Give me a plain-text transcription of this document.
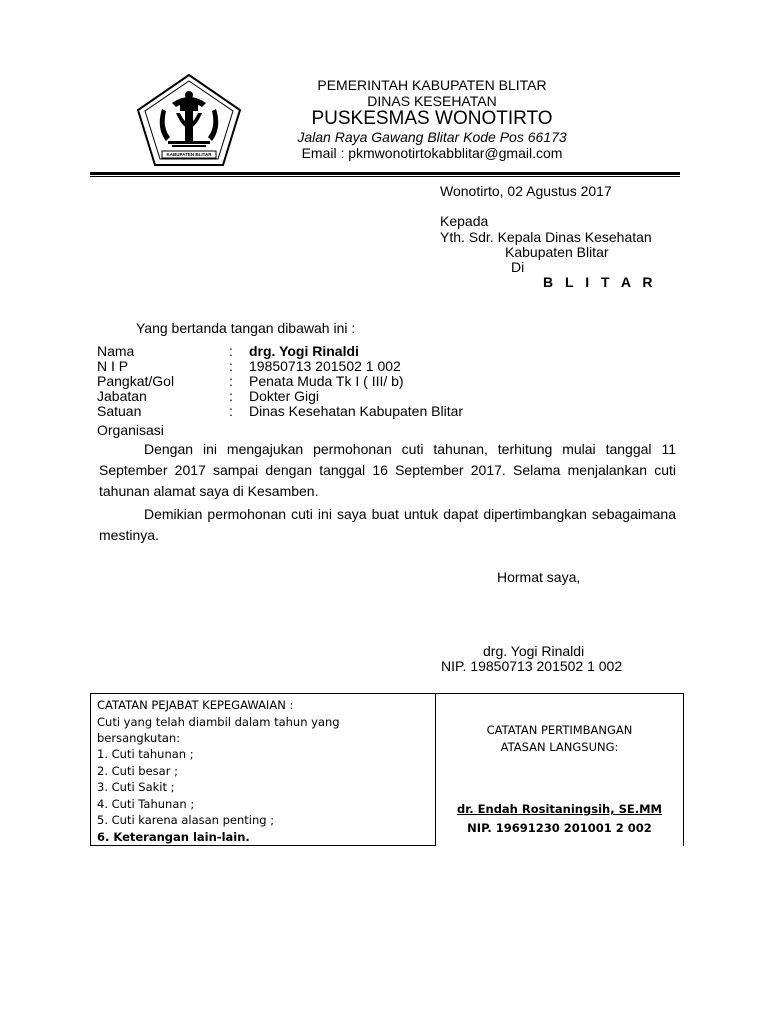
KABUPATEN BLITAR
PEMERINTAH KABUPATEN BLITAR
DINAS KESEHATAN
PUSKESMAS WONOTIRTO
Jalan Raya Gawang Blitar Kode Pos 66173
Email : pkmwonotirtokabblitar@gmail.com
Wonotirto, 02 Agustus 2017
Kepada
Yth. Sdr. Kepala Dinas Kesehatan
Kabupaten Blitar
Di
B L I T A R
Yang bertanda tangan dibawah ini :
Nama	: drg. Yogi Rinaldi
N I P	: 19850713 201502 1 002
Pangkat/Gol	: Penata Muda Tk I ( III/ b)
Jabatan	: Dokter Gigi
Satuan	: Dinas Kesehatan Kabupaten Blitar
Organisasi
Dengan ini mengajukan permohonan cuti tahunan, terhitung mulai tanggal 11 September 2017 sampai dengan tanggal 16 September 2017. Selama menjalankan cuti tahunan alamat saya di Kesamben.
Demikian permohonan cuti ini saya buat untuk dapat dipertimbangkan sebagaimana mestinya.
Hormat saya,
drg. Yogi Rinaldi
NIP. 19850713 201502 1 002
CATATAN PEJABAT KEPEGAWAIAN :
Cuti yang telah diambil dalam tahun yang
bersangkutan:
1. Cuti tahunan ;
2. Cuti besar ;
3. Cuti Sakit ;
4. Cuti Tahunan ;
5. Cuti karena alasan penting ;
6. Keterangan lain-lain.
CATATAN PERTIMBANGAN
ATASAN LANGSUNG:
dr. Endah Rositaningsih, SE.MM
NIP. 19691230 201001 2 002
